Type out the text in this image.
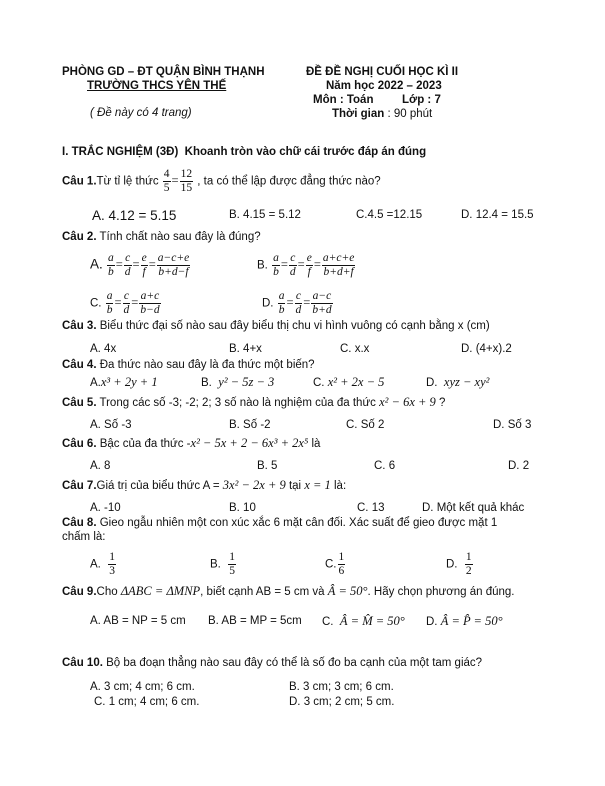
PHÒNG GD – ĐT QUẬN BÌNH THẠNH
TRƯỜNG THCS YÊN THẾ
( Đề này có 4 trang)
ĐỀ ĐỀ NGHỊ CUỐI HỌC KÌ II
Năm học 2022 – 2023
Môn : Toán Lớp : 7
Thời gian : 90 phút
I. TRẮC NGHIỆM (3Đ) Khoanh tròn vào chữ cái trước đáp án đúng
Câu 1.Từ tỉ lệ thức $\frac{4}{5} = \frac{12}{15}$ , ta có thể lập được đẳng thức nào?
A. 4.12 = 5.15	B. 4.15 = 5.12	C.4.5 =12.15	D. 12.4 = 15.5
Câu 2. Tính chất nào sau đây là đúng?
A. $\frac{a}{b} = \frac{c}{d} = \frac{e}{f} = \frac{a-c+e}{b+d-f}$	B. $\frac{a}{b} = \frac{c}{d} = \frac{e}{f} = \frac{a+c+e}{b+d+f}$
C. $\frac{a}{b} = \frac{c}{d} = \frac{a+c}{b-d}$	D. $\frac{a}{b} = \frac{c}{d} = \frac{a-c}{b+d}$
Câu 3. Biểu thức đại số nào sau đây biểu thị chu vi hình vuông có cạnh bằng x (cm)
A. 4x	B. 4+x	C. x.x	D. (4+x).2
Câu 4. Đa thức nào sau đây là đa thức một biến?
A.x³ + 2y + 1	B. y² − 5z − 3	C. x² + 2x − 5	D. xyz − xy²
Câu 5. Trong các số -3; -2; 2; 3 số nào là nghiệm của đa thức x² − 6x + 9 ?
A. Số -3	B. Số -2	C. Số 2	D. Số 3
Câu 6. Bậc của đa thức -x² − 5x + 2 − 6x³ + 2x⁵ là
A. 8	B. 5	C. 6	D. 2
Câu 7.Giá trị của biểu thức A = 3x² − 2x + 9 tại x = 1 là:
A. -10	B. 10	C. 13	D. Một kết quả khác
Câu 8. Gieo ngẫu nhiên một con xúc xắc 6 mặt cân đối. Xác suất để gieo được mặt 1
chấm là:
A. $\frac{1}{3}$	B. $\frac{1}{5}$	C. $\frac{1}{6}$	D. $\frac{1}{2}$
Câu 9.Cho ΔABC = ΔMNP, biết cạnh AB = 5 cm và Â = 50°. Hãy chọn phương án đúng.
A. AB = NP = 5 cm B. AB = MP = 5cm C. Â = M̂ = 50° D. Â = P̂ = 50°
Câu 10. Bộ ba đoạn thẳng nào sau đây có thể là số đo ba cạnh của một tam giác?
A. 3 cm; 4 cm; 6 cm.	B. 3 cm; 3 cm; 6 cm.
C. 1 cm; 4 cm; 6 cm.	D. 3 cm; 2 cm; 5 cm.
